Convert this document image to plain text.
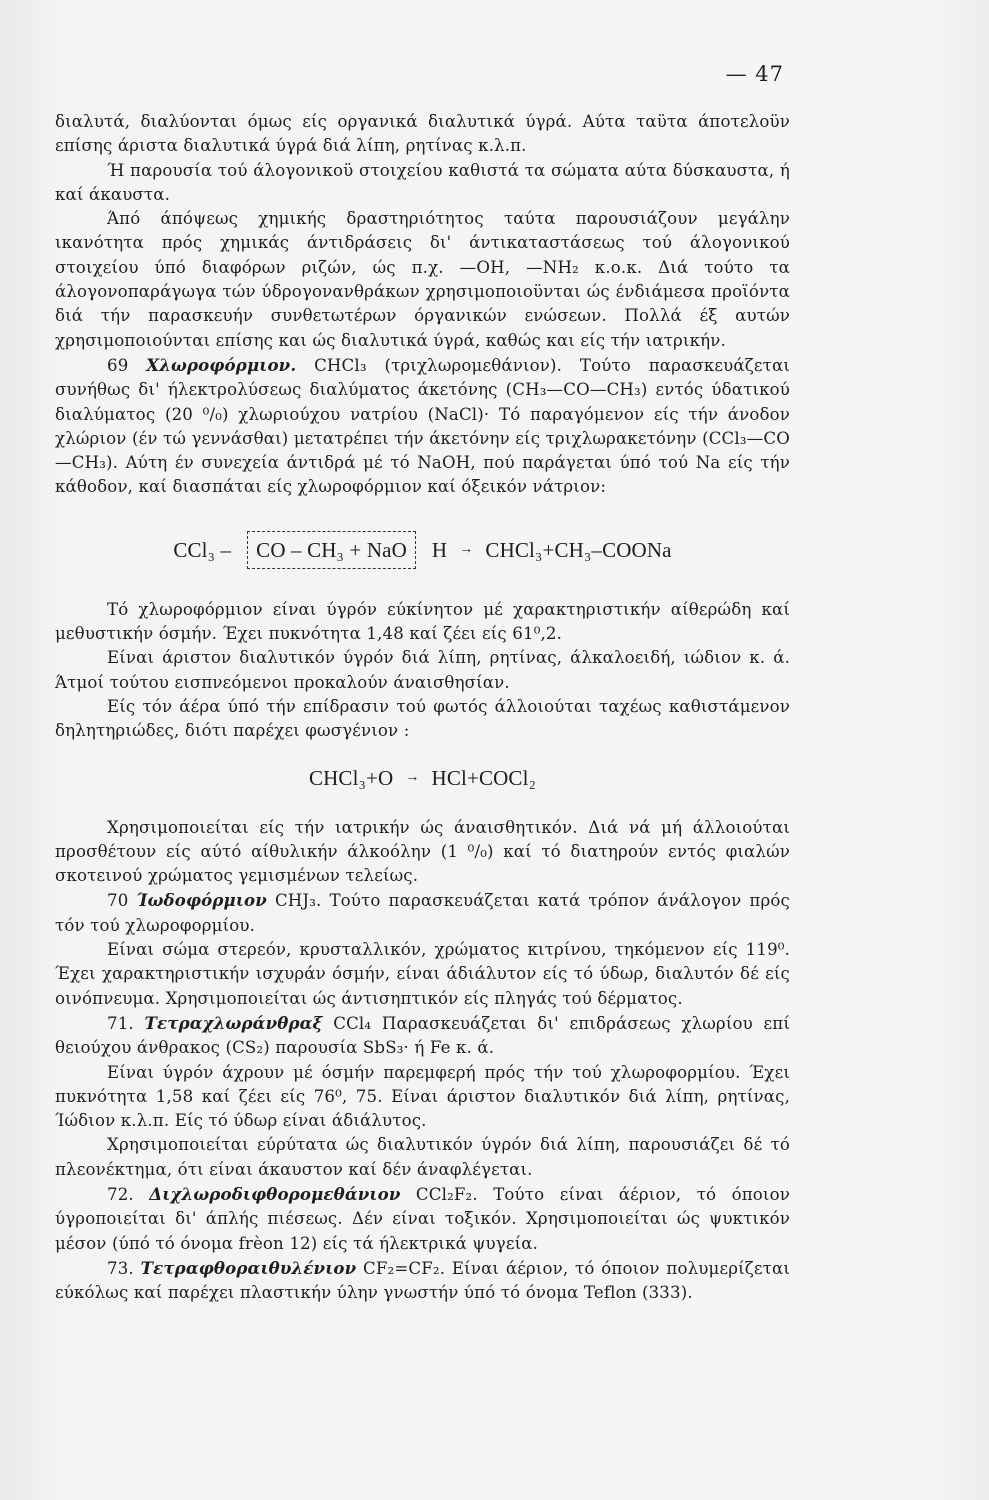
— 47

διαλυτά, διαλύονται όμως είς οργανικά διαλυτικά ύγρά. Αύτα ταϋτα άποτελοϋν επίσης άριστα διαλυτικά ύγρά διά λίπη, ρητίνας κ.λ.π.

Ή παρουσία τού άλογονικοϋ στοιχείου καθιστά τα σώματα αύτα δύσκαυστα, ή καί άκαυστα.

Άπό άπόψεως χημικής δραστηριότητος ταύτα παρουσιάζουν μεγάλην ικανότητα πρός χημικάς άντιδράσεις δι' άντικαταστάσεως τού άλογονικού στοιχείου ύπό διαφόρων ριζών, ώς π.χ. —ΟΗ, —NH₂ κ.ο.κ. Διά τούτο τα άλογονοπαράγωγα τών ύδρογονανθράκων χρησιμοποιοϋνται ώς ένδιάμεσα προϊόντα διά τήν παρασκευήν συνθετωτέρων όργανικών ενώσεων. Πολλά έξ αυτών χρησιμοποιούνται επίσης και ώς διαλυτικά ύγρά, καθώς και είς τήν ιατρικήν.

69 Χλωροφόρμιον. CHCl₃ (τριχλωρομεθάνιον). Τούτο παρασκευάζεται συνήθως δι' ήλεκτρολύσεως διαλύματος άκετόνης (CH₃—CO—CH₃) εντός ύδατικού διαλύματος (20 ⁰/₀) χλωριούχου νατρίου (NaCl)· Τό παραγόμενον είς τήν άνοδον χλώριον (έν τώ γεννάσθαι) μετατρέπει τήν άκετόνην είς τριχλωρακετόνην (CCl₃—CO—CH₃). Αύτη έν συνεχεία άντιδρά μέ τό NaOH, πού παράγεται ύπό τού Na είς τήν κάθοδον, καί διασπάται είς χλωροφόρμιον καί όξεικόν νάτριον:

CCl₃ –	CO – CH₃ + NaO	H → CHCl₃+CH₃–COONa

Τό χλωροφόρμιον είναι ύγρόν εύκίνητον μέ χαρακτηριστικήν αίθερώδη καί μεθυστικήν όσμήν. Έχει πυκνότητα 1,48 καί ζέει είς 61⁰,2.

Είναι άριστον διαλυτικόν ύγρόν διά λίπη, ρητίνας, άλκαλοειδή, ιώδιον κ. ά. Άτμοί τούτου εισπνεόμενοι προκαλούν άναισθησίαν.

Είς τόν άέρα ύπό τήν επίδρασιν τού φωτός άλλοιούται ταχέως καθιστάμενον δηλητηριώδες, διότι παρέχει φωσγένιον :

CHCl₃+O → HCl+COCl₂

Χρησιμοποιείται είς τήν ιατρικήν ώς άναισθητικόν. Διά νά μή άλλοιούται προσθέτουν είς αύτό αίθυλικήν άλκοόλην (1 ⁰/₀) καί τό διατηρούν εντός φιαλών σκοτεινού χρώματος γεμισμένων τελείως.

70 Ίωδοφόρμιον CHJ₃. Τούτο παρασκευάζεται κατά τρόπον άνάλογον πρός τόν τού χλωροφορμίου.

Είναι σώμα στερεόν, κρυσταλλικόν, χρώματος κιτρίνου, τηκόμενον είς 119⁰. Έχει χαρακτηριστικήν ισχυράν όσμήν, είναι άδιάλυτον είς τό ύδωρ, διαλυτόν δέ είς οινόπνευμα. Χρησιμοποιείται ώς άντισηπτικόν είς πληγάς τού δέρματος.

71. Τετραχλωράνθραξ CCl₄ Παρασκευάζεται δι' επιδράσεως χλωρίου επί θειούχου άνθρακος (CS₂) παρουσία SbS₃· ή Fe κ. ά.

Είναι ύγρόν άχρουν μέ όσμήν παρεμφερή πρός τήν τού χλωροφορμίου. Έχει πυκνότητα 1,58 καί ζέει είς 76⁰, 75. Είναι άριστον διαλυτικόν διά λίπη, ρητίνας, Ίώδιον κ.λ.π. Είς τό ύδωρ είναι άδιάλυτος.

Χρησιμοποιείται εύρύτατα ώς διαλυτικόν ύγρόν διά λίπη, παρουσιάζει δέ τό πλεονέκτημα, ότι είναι άκαυστον καί δέν άναφλέγεται.

72. Διχλωροδιφθορομεθάνιον CCl₂F₂. Τούτο είναι άέριον, τό όποιον ύγροποιείται δι' άπλής πιέσεως. Δέν είναι τοξικόν. Χρησιμοποιείται ώς ψυκτικόν μέσον (ύπό τό όνομα frèon 12) είς τά ήλεκτρικά ψυγεία.

73. Τετραφθοραιθυλένιον CF₂=CF₂. Είναι άέριον, τό όποιον πολυμερίζεται εύκόλως καί παρέχει πλαστικήν ύλην γνωστήν ύπό τό όνομα Teflon (333).
